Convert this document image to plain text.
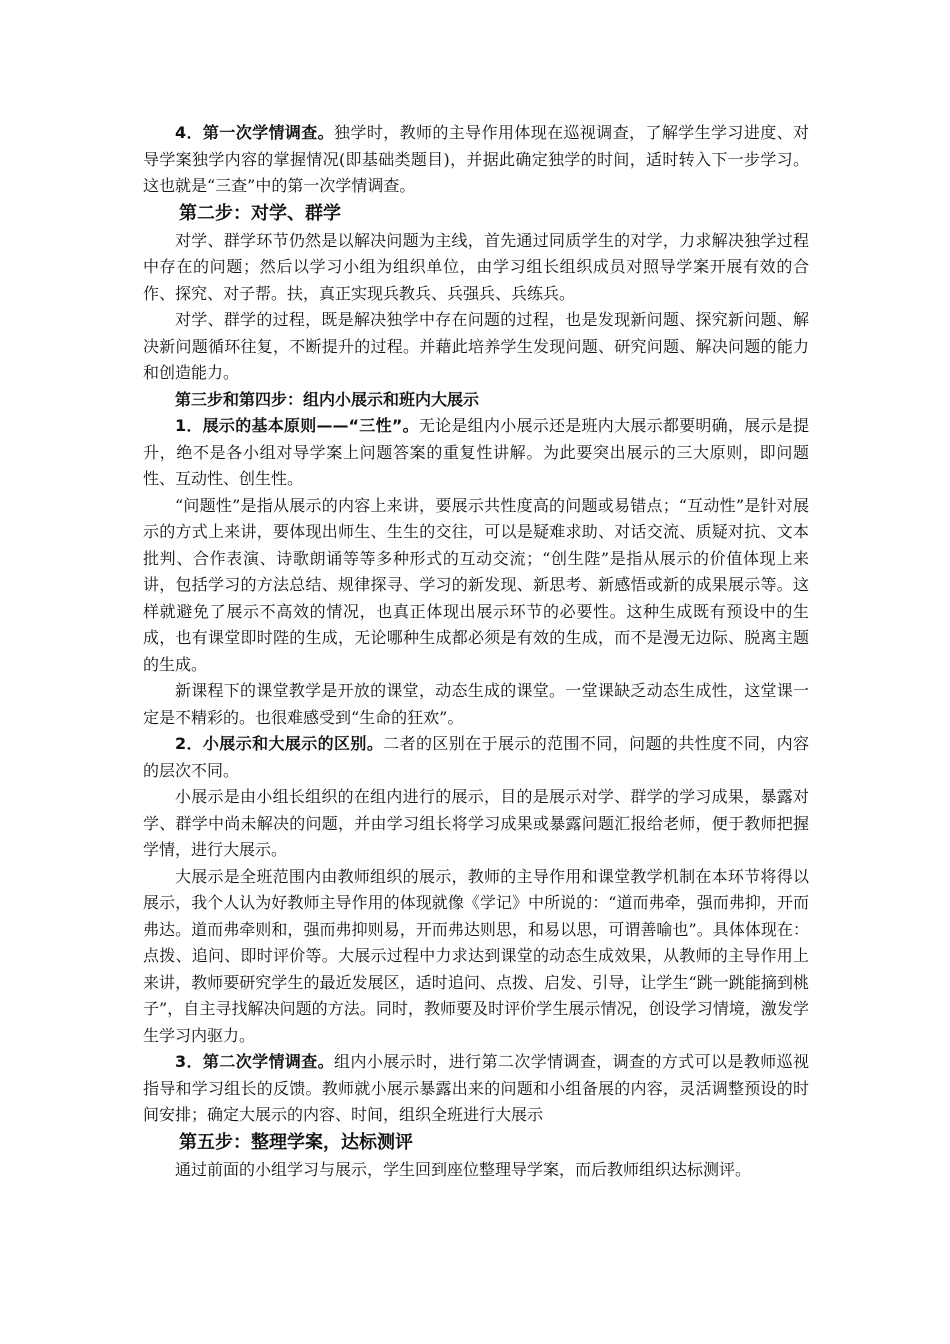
4．第一次学情调查。独学时，教师的主导作用体现在巡视调查，了解学生学习进度、对导学案独学内容的掌握情况(即基础类题目)，并据此确定独学的时间，适时转入下一步学习。这也就是“三查”中的第一次学情调查。

第二步：对学、群学

对学、群学环节仍然是以解决问题为主线，首先通过同质学生的对学，力求解决独学过程中存在的问题；然后以学习小组为组织单位，由学习组长组织成员对照导学案开展有效的合作、探究、对子帮。扶，真正实现兵教兵、兵强兵、兵练兵。

对学、群学的过程，既是解决独学中存在问题的过程，也是发现新问题、探究新问题、解决新问题循环往复，不断提升的过程。并藉此培养学生发现问题、研究问题、解决问题的能力和创造能力。

第三步和第四步：组内小展示和班内大展示

1．展示的基本原则——“三性”。无论是组内小展示还是班内大展示都要明确，展示是提升，绝不是各小组对导学案上问题答案的重复性讲解。为此要突出展示的三大原则，即问题性、互动性、创生性。

“问题性”是指从展示的内容上来讲，要展示共性度高的问题或易错点；“互动性”是针对展示的方式上来讲，要体现出师生、生生的交往，可以是疑难求助、对话交流、质疑对抗、文本批判、合作表演、诗歌朗诵等等多种形式的互动交流；“创生陛”是指从展示的价值体现上来讲，包括学习的方法总结、规律探寻、学习的新发现、新思考、新感悟或新的成果展示等。这样就避免了展示不高效的情况，也真正体现出展示环节的必要性。这种生成既有预设中的生成，也有课堂即时陛的生成，无论哪种生成都必须是有效的生成，而不是漫无边际、脱离主题的生成。

新课程下的课堂教学是开放的课堂，动态生成的课堂。一堂课缺乏动态生成性，这堂课一定是不精彩的。也很难感受到“生命的狂欢”。

2．小展示和大展示的区别。二者的区别在于展示的范围不同，问题的共性度不同，内容的层次不同。

小展示是由小组长组织的在组内进行的展示，目的是展示对学、群学的学习成果，暴露对学、群学中尚未解决的问题，并由学习组长将学习成果或暴露问题汇报给老师，便于教师把握学情，进行大展示。

大展示是全班范围内由教师组织的展示，教师的主导作用和课堂教学机制在本环节将得以展示，我个人认为好教师主导作用的体现就像《学记》中所说的：“道而弗牵，强而弗抑，开而弗达。道而弗牵则和，强而弗抑则易，开而弗达则思，和易以思，可谓善喻也”。具体体现在：点拨、追问、即时评价等。大展示过程中力求达到课堂的动态生成效果，从教师的主导作用上来讲，教师要研究学生的最近发展区，适时追问、点拨、启发、引导，让学生“跳一跳能摘到桃子”，自主寻找解决问题的方法。同时，教师要及时评价学生展示情况，创设学习情境，激发学生学习内驱力。

3．第二次学情调查。组内小展示时，进行第二次学情调查，调查的方式可以是教师巡视指导和学习组长的反馈。教师就小展示暴露出来的问题和小组备展的内容，灵活调整预设的时间安排；确定大展示的内容、时间，组织全班进行大展示

第五步：整理学案，达标测评

通过前面的小组学习与展示，学生回到座位整理导学案，而后教师组织达标测评。
